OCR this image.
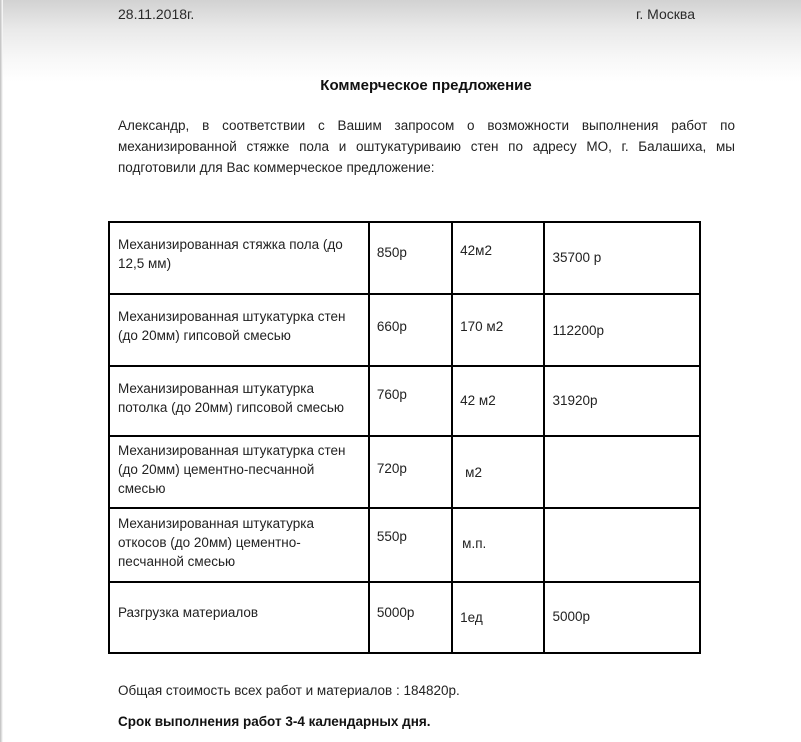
28.11.2018г.	г. Москва
Коммерческое предложение
Александр, в соответствии с Вашим запросом о возможности выполнения работ по механизированной стяжке пола и оштукатуриваию стен по адресу МО, г. Балашиха, мы подготовили для Вас коммерческое предложение:
Механизированная стяжка пола (до 12,5 мм)	850р	42м2	35700 р

Механизированная штукатурка стен (до 20мм) гипсовой смесью	660р	170 м2	112200р

Механизированная штукатурка потолка (до 20мм) гипсовой смесью	760р	42 м2	31920р

Механизированная штукатурка стен (до 20мм) цементно-песчанной смесью	720р	м2	

Механизированная штукатурка откосов (до 20мм) цементно-песчанной смесью	550р	м.п.	

Разгрузка материалов	5000р	1ед	5000р
Общая стоимость всех работ и материалов : 184820р.
Срок выполнения работ 3-4 календарных дня.
